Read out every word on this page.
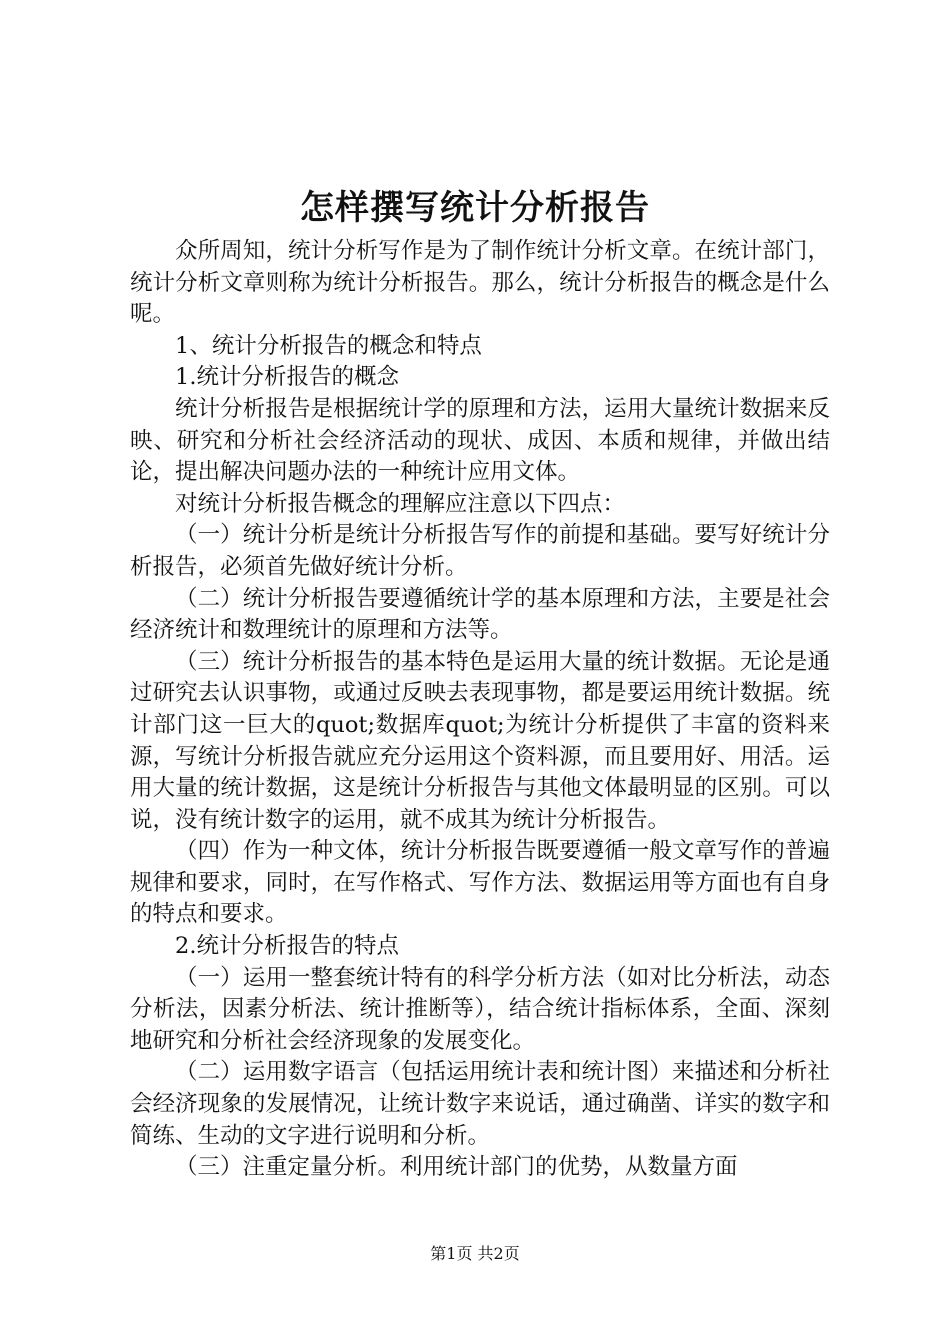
怎样撰写统计分析报告

众所周知，统计分析写作是为了制作统计分析文章。在统计部门，统计分析文章则称为统计分析报告。那么，统计分析报告的概念是什么呢。

1、统计分析报告的概念和特点

1.统计分析报告的概念

统计分析报告是根据统计学的原理和方法，运用大量统计数据来反映、研究和分析社会经济活动的现状、成因、本质和规律，并做出结论，提出解决问题办法的一种统计应用文体。

对统计分析报告概念的理解应注意以下四点：

（一）统计分析是统计分析报告写作的前提和基础。要写好统计分析报告，必须首先做好统计分析。

（二）统计分析报告要遵循统计学的基本原理和方法，主要是社会经济统计和数理统计的原理和方法等。

（三）统计分析报告的基本特色是运用大量的统计数据。无论是通过研究去认识事物，或通过反映去表现事物，都是要运用统计数据。统计部门这一巨大的quot;数据库quot;为统计分析提供了丰富的资料来源，写统计分析报告就应充分运用这个资料源，而且要用好、用活。运用大量的统计数据，这是统计分析报告与其他文体最明显的区别。可以说，没有统计数字的运用，就不成其为统计分析报告。

（四）作为一种文体，统计分析报告既要遵循一般文章写作的普遍规律和要求，同时，在写作格式、写作方法、数据运用等方面也有自身的特点和要求。

2.统计分析报告的特点

（一）运用一整套统计特有的科学分析方法（如对比分析法，动态分析法，因素分析法、统计推断等），结合统计指标体系，全面、深刻地研究和分析社会经济现象的发展变化。

（二）运用数字语言（包括运用统计表和统计图）来描述和分析社会经济现象的发展情况，让统计数字来说话，通过确凿、详实的数字和简练、生动的文字进行说明和分析。

（三）注重定量分析。利用统计部门的优势，从数量方面

第1页 共2页
